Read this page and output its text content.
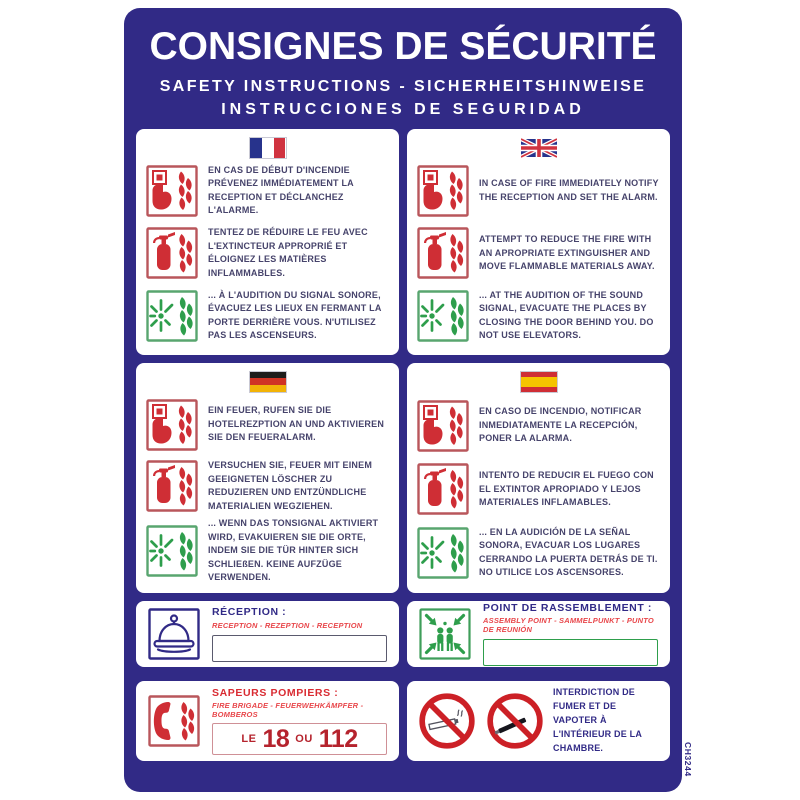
CONSIGNES DE SÉCURITÉ
SAFETY INSTRUCTIONS - SICHERHEITSHINWEISE
INSTRUCCIONES DE SEGURIDAD
EN CAS DE DÉBUT D'INCENDIE PRÉVENEZ IMMÉDIATEMENT LA RECEPTION ET DÉCLANCHEZ L'ALARME.
TENTEZ DE RÉDUIRE LE FEU AVEC L'EXTINCTEUR APPROPRIÉ ET ÉLOIGNEZ LES MATIÈRES INFLAMMABLES.
... À L'AUDITION DU SIGNAL SONORE, ÉVACUEZ LES LIEUX EN FERMANT LA PORTE DERRIÈRE VOUS. N'UTILISEZ PAS LES ASCENSEURS.
IN CASE OF FIRE IMMEDIATELY NOTIFY THE RECEPTION AND SET THE ALARM.
ATTEMPT TO REDUCE THE FIRE WITH AN APROPRIATE EXTINGUISHER AND MOVE FLAMMABLE MATERIALS AWAY.
... AT THE AUDITION OF THE SOUND SIGNAL, EVACUATE THE PLACES BY CLOSING THE DOOR BEHIND YOU. DO NOT USE ELEVATORS.
EIN FEUER, RUFEN SIE DIE HOTELREZPTION AN UND AKTIVIEREN SIE DEN FEUERALARM.
VERSUCHEN SIE, FEUER MIT EINEM GEEIGNETEN LÖSCHER ZU REDUZIEREN UND ENTZÜNDLICHE MATERIALIEN WEGZIEHEN.
... WENN DAS TONSIGNAL AKTIVIERT WIRD, EVAKUIEREN SIE DIE ORTE, INDEM SIE DIE TÜR HINTER SICH SCHLIEßEN. KEINE AUFZÜGE VERWENDEN.
EN CASO DE INCENDIO, NOTIFICAR INMEDIATAMENTE LA RECEPCIÓN, PONER LA ALARMA.
INTENTO DE REDUCIR EL FUEGO CON EL EXTINTOR APROPIADO Y LEJOS MATERIALES INFLAMABLES.
... EN LA AUDICIÓN DE LA SEÑAL SONORA, EVACUAR LOS LUGARES CERRANDO LA PUERTA DETRÁS DE TI. NO UTILICE LOS ASCENSORES.
RÉCEPTION :
RECEPTION - REZEPTION - RECEPTION
POINT DE RASSEMBLEMENT :
ASSEMBLY POINT - SAMMELPUNKT - PUNTO DE REUNIÓN
SAPEURS POMPIERS :
FIRE BRIGADE - FEUERWEHKÄMPFER - BOMBEROS
LE 18 OU 112
INTERDICTION DE FUMER ET DE VAPOTER À L'INTÉRIEUR DE LA CHAMBRE.	CH3244
